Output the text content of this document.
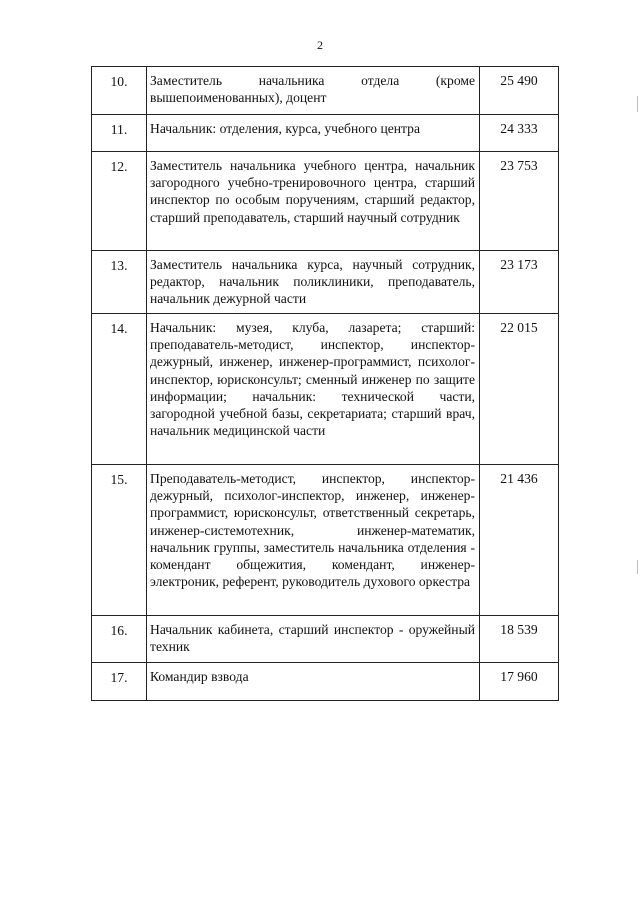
2
10.	Заместитель начальника отдела (кроме вышепоименованных), доцент	25 490
11.	Начальник: отделения, курса, учебного центра	24 333
12.	Заместитель начальника учебного центра, начальник загородного учебно-тренировочного центра, старший инспектор по особым поручениям, старший редактор, старший преподаватель, старший научный сотрудник	23 753
13.	Заместитель начальника курса, научный сотрудник, редактор, начальник поликлиники, преподаватель, начальник дежурной части	23 173
14.	Начальник: музея, клуба, лазарета; старший: преподаватель-методист, инспектор, инспектор-дежурный, инженер, инженер-программист, психолог-инспектор, юрисконсульт; сменный инженер по защите информации; начальник: технической части, загородной учебной базы, секретариата; старший врач, начальник медицинской части	22 015
15.	Преподаватель-методист, инспектор, инспектор-дежурный, психолог-инспектор, инженер, инженер-программист, юрисконсульт, ответственный секретарь, инженер-системотехник, инженер-математик, начальник группы, заместитель начальника отделения - комендант общежития, комендант, инженер-электроник, референт, руководитель духового оркестра	21 436
16.	Начальник кабинета, старший инспектор - оружейный техник	18 539
17.	Командир взвода	17 960
